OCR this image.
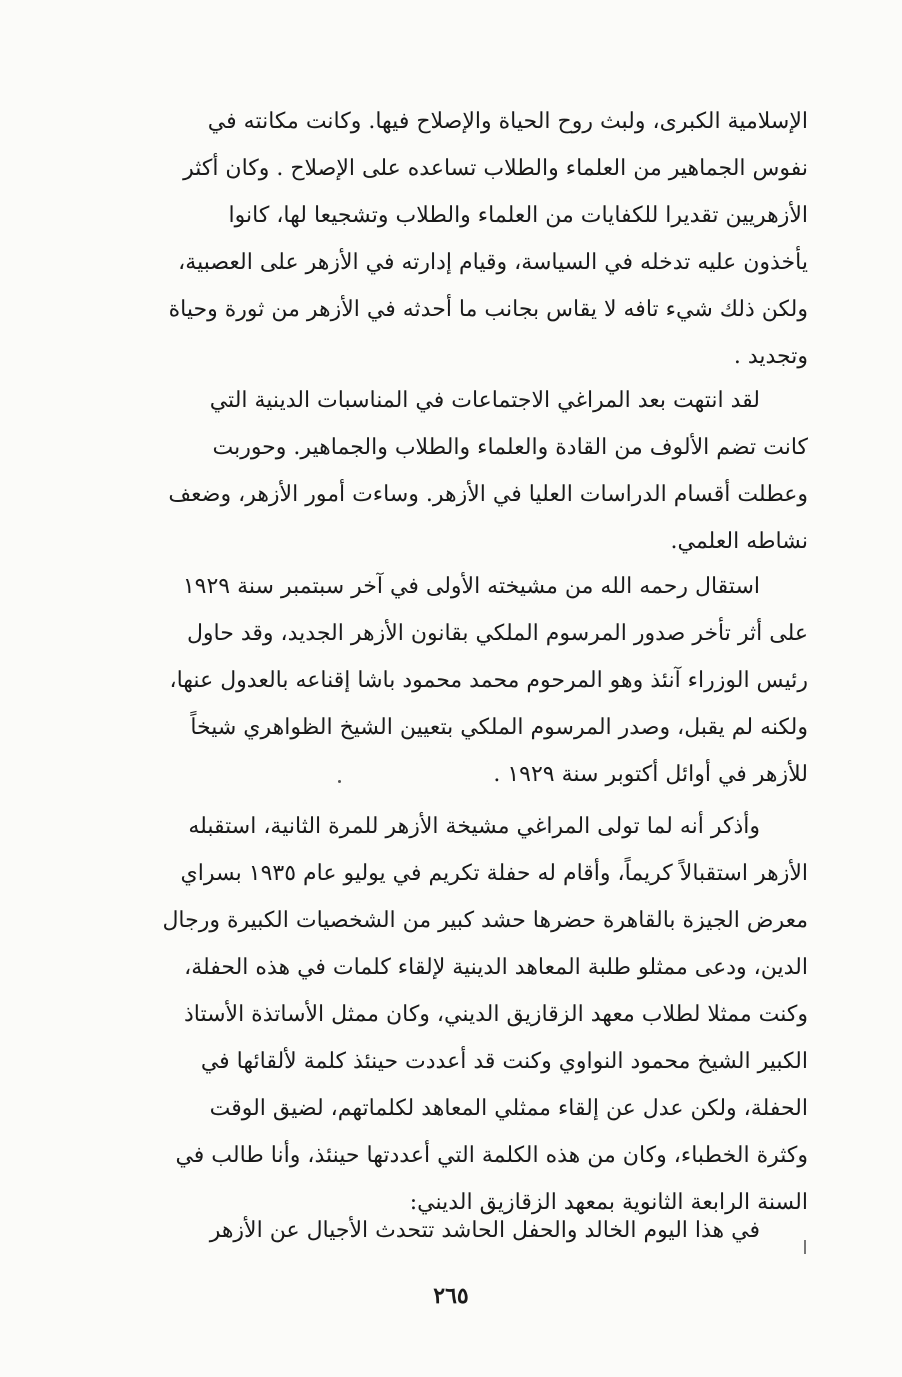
الإسلامية الكبرى، ولبث روح الحياة والإصلاح فيها. وكانت مكانته في
نفوس الجماهير من العلماء والطلاب تساعده على الإصلاح . وكان أكثر
الأزهريين تقديرا للكفايات من العلماء والطلاب وتشجيعا لها، كانوا
يأخذون عليه تدخله في السياسة، وقيام إدارته في الأزهر على العصبية،
ولكن ذلك شيء تافه لا يقاس بجانب ما أحدثه في الأزهر من ثورة وحياة
وتجديد .
لقد انتهت بعد المراغي الاجتماعات في المناسبات الدينية التي
كانت تضم الألوف من القادة والعلماء والطلاب والجماهير. وحوربت
وعطلت أقسام الدراسات العليا في الأزهر. وساءت أمور الأزهر، وضعف
نشاطه العلمي.
استقال رحمه الله من مشيخته الأولى في آخر سبتمبر سنة ١٩٢٩
على أثر تأخر صدور المرسوم الملكي بقانون الأزهر الجديد، وقد حاول
رئيس الوزراء آنئذ وهو المرحوم محمد محمود باشا إقناعه بالعدول عنها،
ولكنه لم يقبل، وصدر المرسوم الملكي بتعيين الشيخ الظواهري شيخاً
للأزهر في أوائل أكتوبر سنة ١٩٢٩ .
وأذكر أنه لما تولى المراغي مشيخة الأزهر للمرة الثانية، استقبله
الأزهر استقبالاً كريماً، وأقام له حفلة تكريم في يوليو عام ١٩٣٥ بسراي
معرض الجيزة بالقاهرة حضرها حشد كبير من الشخصيات الكبيرة ورجال
الدين، ودعى ممثلو طلبة المعاهد الدينية لإلقاء كلمات في هذه الحفلة،
وكنت ممثلا لطلاب معهد الزقازيق الديني، وكان ممثل الأساتذة الأستاذ
الكبير الشيخ محمود النواوي وكنت قد أعددت حينئذ كلمة لألقائها في
الحفلة، ولكن عدل عن إلقاء ممثلي المعاهد لكلماتهم، لضيق الوقت
وكثرة الخطباء، وكان من هذه الكلمة التي أعددتها حينئذ، وأنا طالب في
السنة الرابعة الثانوية بمعهد الزقازيق الديني:
في هذا اليوم الخالد والحفل الحاشد تتحدث الأجيال عن الأزهر
٢٦٥
